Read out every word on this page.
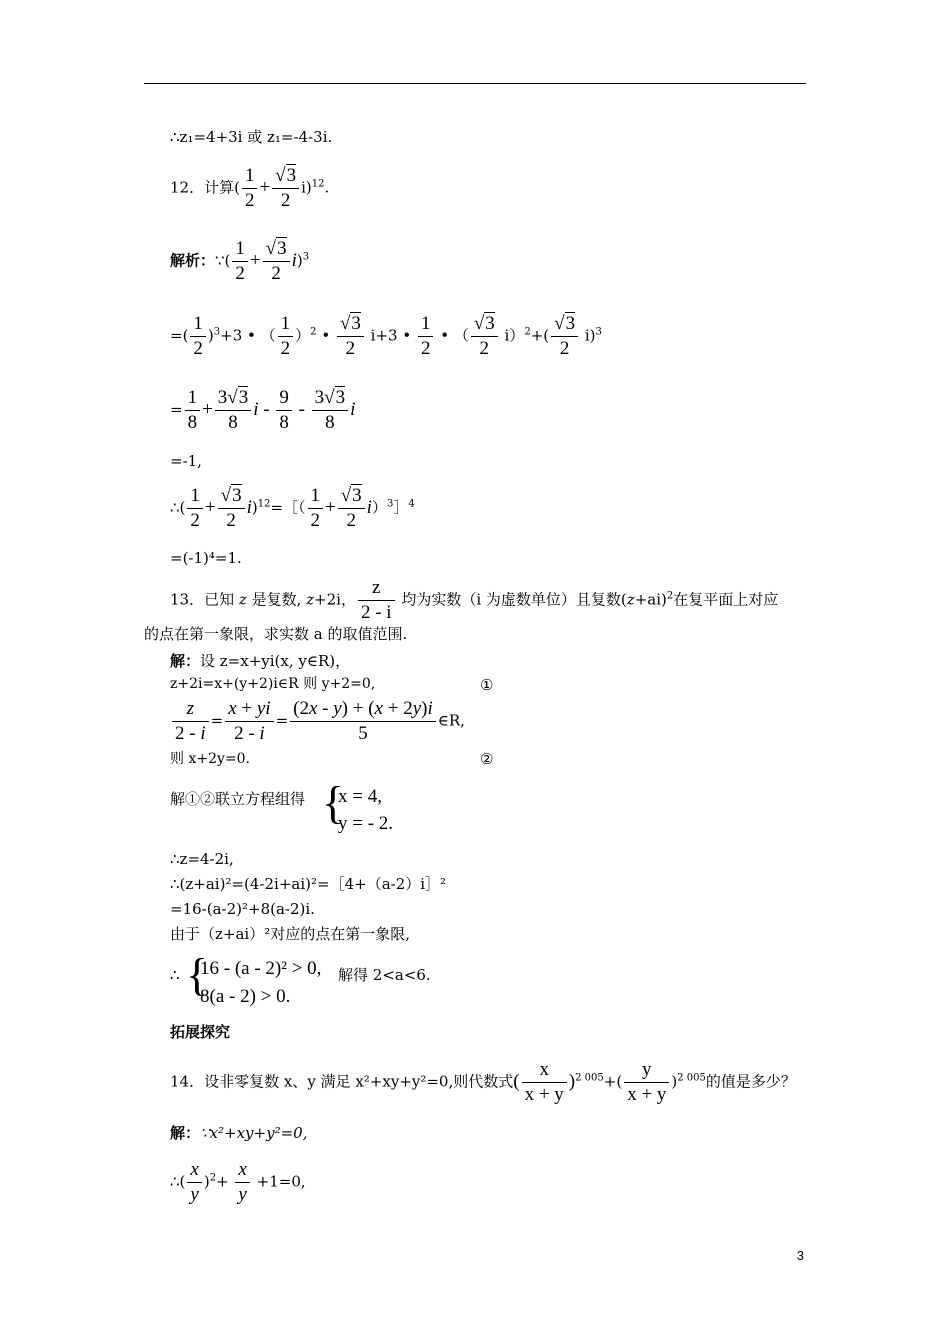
∴z₁=4+3i 或 z₁=-4-3i.
12．计算( $\frac{1}{2} + \frac{√3}{2} i)^{12}$.
解析：∵( $\frac{1}{2} + \frac{√3}{2} i)^3$
=( $\frac{1}{2} )^3+3$ • （ $\frac{1}{2} )^2$ • $\frac{√3}{2} i+3$ • $\frac{1}{2}$ • （ $\frac{√3}{2} i)^2+( \frac{√3}{2} i)^3$
= $\frac{1}{8} + \frac{3√3}{8}$ i - $\frac{9}{8} - \frac{3√3}{8}$ i
=-1,
∴( $\frac{1}{2} + \frac{√3}{2}$ i)$^{12}$=［（ $\frac{1}{2} + \frac{√3}{2}$ i）$^3$］$^4$
=(-1)⁴=1.
13．已知 z 是复数, z+2i， $\frac{z}{2 - i}$ 均为实数（i 为虚数单位）且复数$(z+ai)^2$在复平面上对应
的点在第一象限，求实数 a 的取值范围.
解：设 z=x+yi(x, y∈R)，
z+2i=x+(y+2)i∈R 则 y+2=0,	①
$\frac{z}{2 - i} = \frac{x + yi}{2 - i} = \frac{(2x - y) + (x + 2y)i}{5}$ ∈R,
则 x+2y=0.	②
解①②联立方程组得 {
x = 4,
y = - 2.
∴z=4-2i,
∴(z+ai)²=(4-2i+ai)²=［4+（a-2）i］²
=16-(a-2)²+8(a-2)i.
由于（z+ai）²对应的点在第一象限,
∴ {
16 - (a - 2)² > 0,
8(a - 2) > 0.
解得 2<a<6.
拓展探究
14．设非零复数 x、y 满足 x²+xy+y²=0,则代数式( $\frac{x}{x + y} )^{2 005}+( \frac{y}{x + y} )^{2 005}$的值是多少？
解：∵x²+xy+y²=0,
∴( $\frac{x}{y} )^2+ \frac{x}{y} +1=0$,
3
